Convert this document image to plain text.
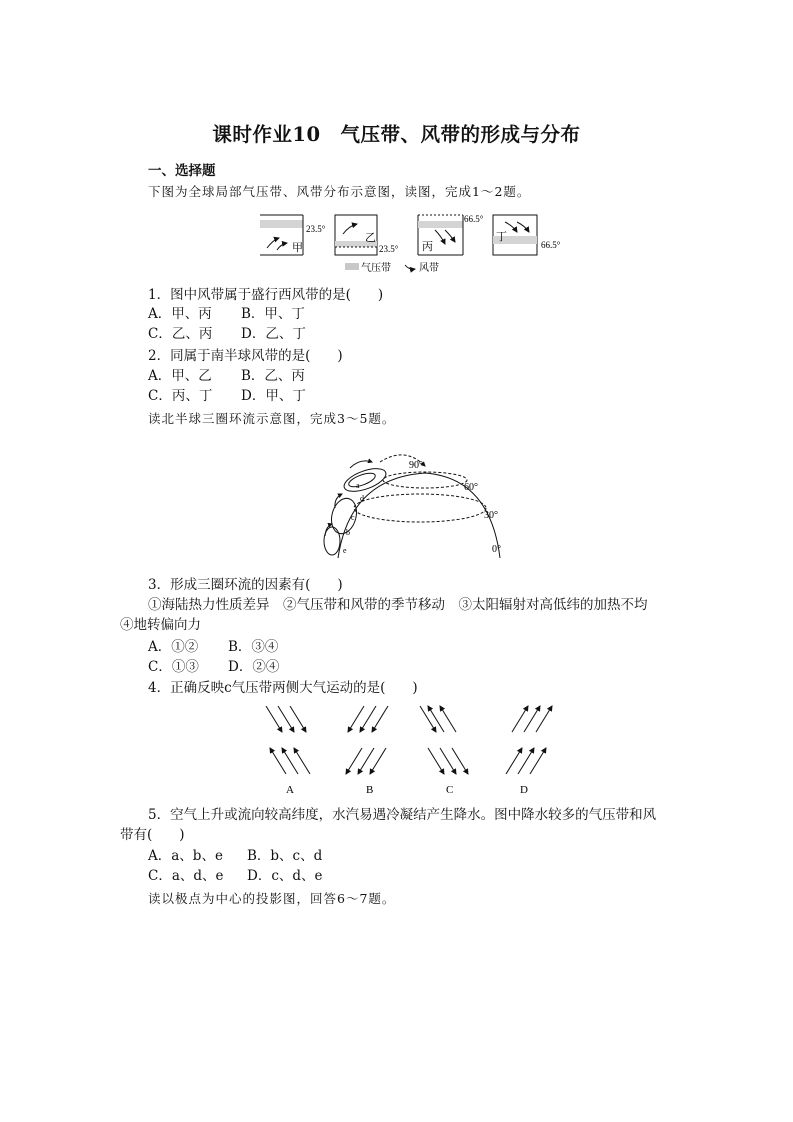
课时作业10　气压带、风带的形成与分布
一、选择题
下图为全球局部气压带、风带分布示意图，读图，完成1～2题。
甲
23.5°
乙
23.5° 丙
66.5°
丁
66.5°
气压带	风带
1．图中风带属于盛行西风带的是(　　)
A．甲、丙 B．甲、丁
C．乙、丙 D．乙、丁
2．同属于南半球风带的是(　　)
A．甲、乙 B．乙、丙
C．丙、丁 D．甲、丁
读北半球三圈环流示意图，完成3～5题。
90°
60°
30°
0°
a
d
c
b
e
3．形成三圈环流的因素有(　　)
①海陆热力性质差异　②气压带和风带的季节移动　③太阳辐射对高低纬的加热不均
④地转偏向力
A．①② B．③④
C．①③ D．②④
4．正确反映c气压带两侧大气运动的是(　　)
A	B	C	D
5．空气上升或流向较高纬度，水汽易遇冷凝结产生降水。图中降水较多的气压带和风
带有(　　)
A．a、b、e B．b、c、d
C．a、d、e D．c、d、e
读以极点为中心的投影图，回答6～7题。
